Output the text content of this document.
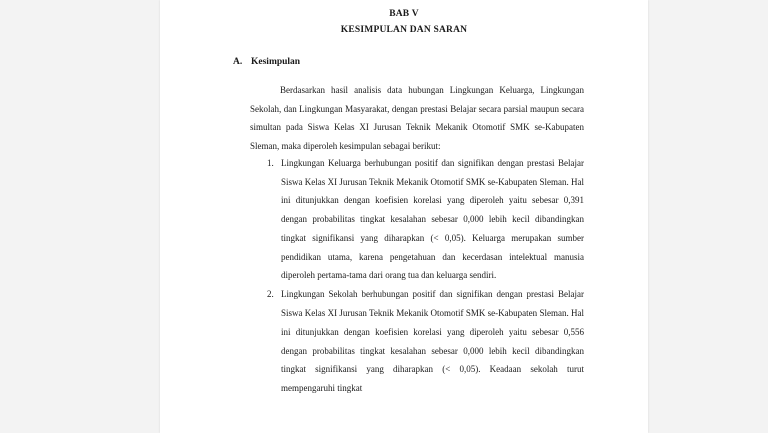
BAB V
KESIMPULAN DAN SARAN
A. Kesimpulan

Berdasarkan hasil analisis data hubungan Lingkungan Keluarga, Lingkungan Sekolah, dan Lingkungan Masyarakat, dengan prestasi Belajar secara parsial maupun secara simultan pada Siswa Kelas XI Jurusan Teknik Mekanik Otomotif SMK se-Kabupaten Sleman, maka diperoleh kesimpulan sebagai berikut:

1. Lingkungan Keluarga berhubungan positif dan signifikan dengan prestasi Belajar Siswa Kelas XI Jurusan Teknik Mekanik Otomotif SMK se-Kabupaten Sleman. Hal ini ditunjukkan dengan koefisien korelasi yang diperoleh yaitu sebesar 0,391 dengan probabilitas tingkat kesalahan sebesar 0,000 lebih kecil dibandingkan tingkat signifikansi yang diharapkan (< 0,05). Keluarga merupakan sumber pendidikan utama, karena pengetahuan dan kecerdasan intelektual manusia diperoleh pertama-tama dari orang tua dan keluarga sendiri.
2. Lingkungan Sekolah berhubungan positif dan signifikan dengan prestasi Belajar Siswa Kelas XI Jurusan Teknik Mekanik Otomotif SMK se-Kabupaten Sleman. Hal ini ditunjukkan dengan koefisien korelasi yang diperoleh yaitu sebesar 0,556 dengan probabilitas tingkat kesalahan sebesar 0,000 lebih kecil dibandingkan tingkat signifikansi yang diharapkan (< 0,05). Keadaan sekolah turut mempengaruhi tingkat
